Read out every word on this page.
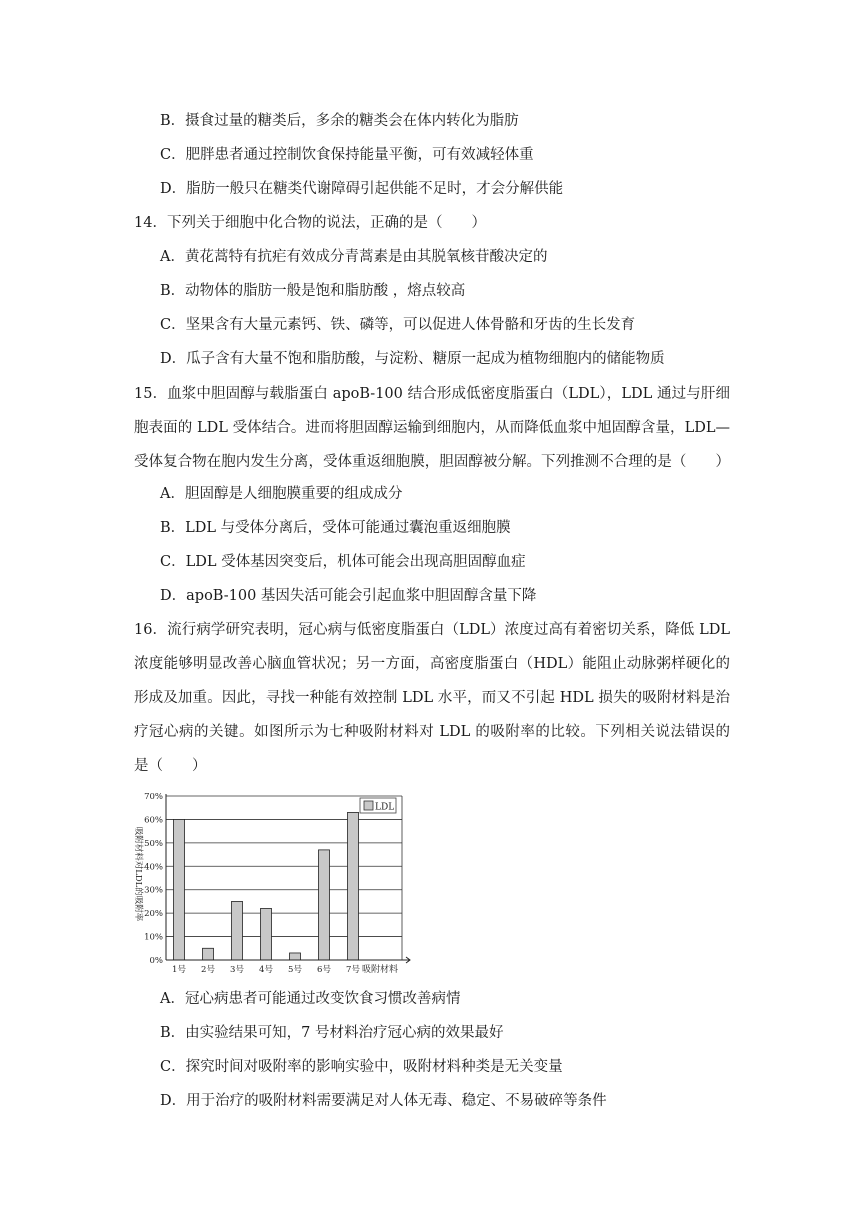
B．摄食过量的糖类后，多余的糖类会在体内转化为脂肪
C．肥胖患者通过控制饮食保持能量平衡，可有效减轻体重
D．脂肪一般只在糖类代谢障碍引起供能不足时，才会分解供能
14．下列关于细胞中化合物的说法，正确的是（　　）
A．黄花蒿特有抗疟有效成分青蒿素是由其脱氧核苷酸决定的
B．动物体的脂肪一般是饱和脂肪酸 ，熔点较高
C．坚果含有大量元素钙、铁、磷等，可以促进人体骨骼和牙齿的生长发育
D．瓜子含有大量不饱和脂肪酸，与淀粉、糖原一起成为植物细胞内的储能物质
15．血浆中胆固醇与载脂蛋白 apoB-100 结合形成低密度脂蛋白（LDL），LDL 通过与肝细
胞表面的 LDL 受体结合。进而将胆固醇运输到细胞内，从而降低血浆中旭固醇含量，LDL—
受体复合物在胞内发生分离，受体重返细胞膜，胆固醇被分解。下列推测不合理的是（　　）
A．胆固醇是人细胞膜重要的组成成分
B．LDL 与受体分离后，受体可能通过囊泡重返细胞膜
C．LDL 受体基因突变后，机体可能会出现高胆固醇血症
D．apoB-100 基因失活可能会引起血浆中胆固醇含量下降
16．流行病学研究表明，冠心病与低密度脂蛋白（LDL）浓度过高有着密切关系，降低 LDL
浓度能够明显改善心脑血管状况；另一方面，高密度脂蛋白（HDL）能阻止动脉粥样硬化的
形成及加重。因此，寻找一种能有效控制 LDL 水平，而又不引起 HDL 损失的吸附材料是治
疗冠心病的关键。如图所示为七种吸附材料对 LDL 的吸附率的比较。下列相关说法错误的
是（　　）
0%
10%
20%
30%
40%
50%
60%
70%
1号 2号 3号 4号 5号 6号 7号
吸附材料对LDL的吸附率
吸附材料
LDL
A．冠心病患者可能通过改变饮食习惯改善病情
B．由实验结果可知，7 号材料治疗冠心病的效果最好
C．探究时间对吸附率的影响实验中，吸附材料种类是无关变量
D．用于治疗的吸附材料需要满足对人体无毒、稳定、不易破碎等条件
